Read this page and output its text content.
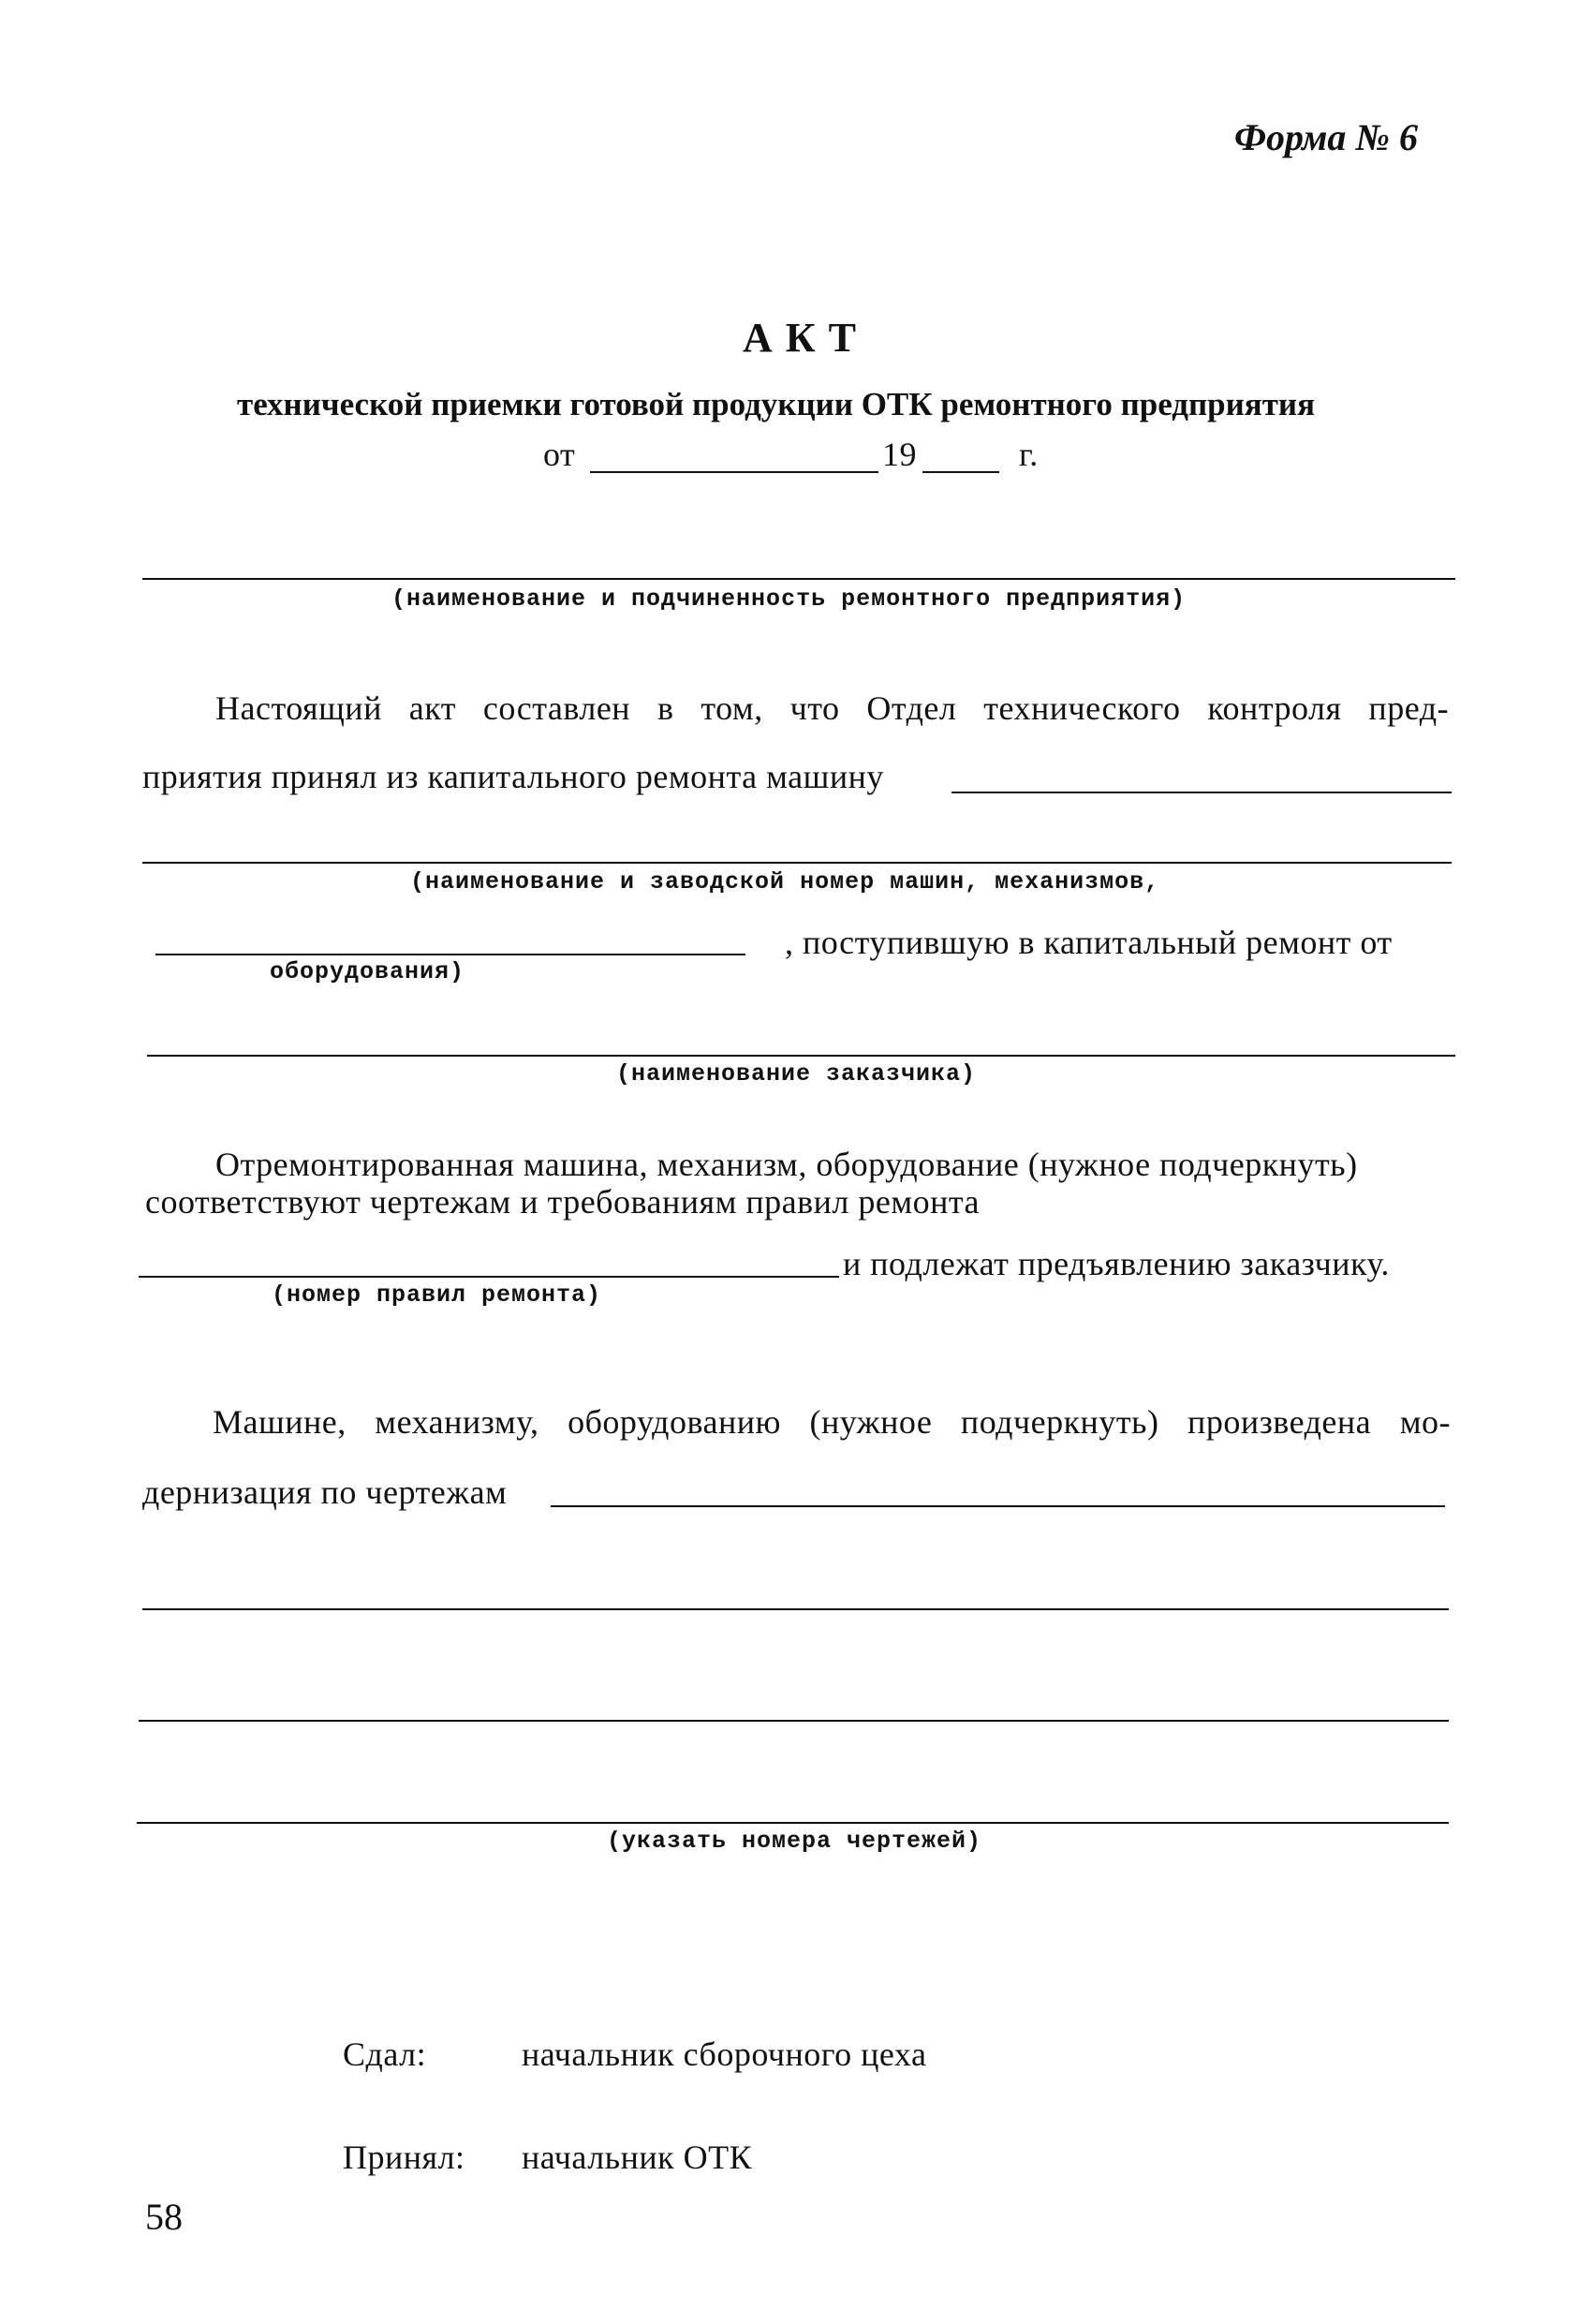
Форма № 6
АКТ
технической приемки готовой продукции ОТК ремонтного предприятия
от	19	г.
(наименование и подчиненность ремонтного предприятия)
Настоящий акт составлен в том, что Отдел технического контроля пред-
приятия принял из капитального ремонта машину
(наименование и заводской номер машин, механизмов,
, поступившую в капитальный ремонт от
оборудования)
(наименование заказчика)
Отремонтированная машина, механизм, оборудование (нужное подчеркнуть)
соответствуют чертежам и требованиям правил ремонта
и подлежат предъявлению заказчику.
(номер правил ремонта)
Машине, механизму, оборудованию (нужное подчеркнуть) произведена мо-
дернизация по чертежам
(указать номера чертежей)
Сдал:	начальник сборочного цеха
Принял: начальник ОТК
58
